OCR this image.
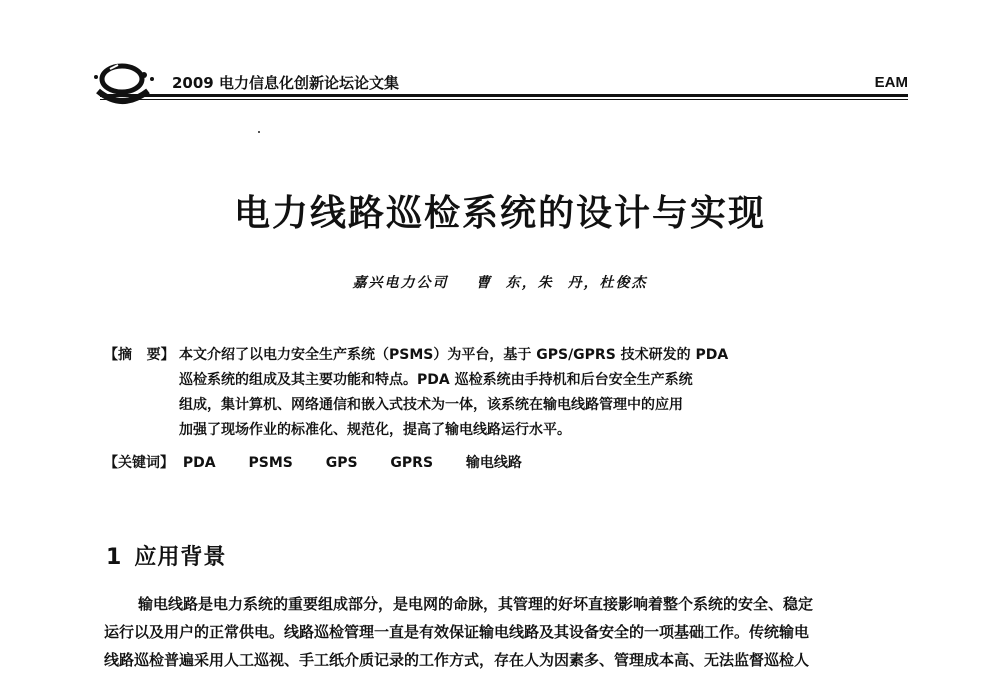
2009 电力信息化创新论坛论文集	EAM
电力线路巡检系统的设计与实现
嘉兴电力公司    曹  东，朱  丹，杜俊杰
【摘   要】 本文介绍了以电力安全生产系统（PSMS）为平台，基于 GPS/GPRS 技术研发的 PDA
巡检系统的组成及其主要功能和特点。PDA 巡检系统由手持机和后台安全生产系统
组成，集计算机、网络通信和嵌入式技术为一体，该系统在输电线路管理中的应用
加强了现场作业的标准化、规范化，提高了输电线路运行水平。
【关键词】 PDA PSMS GPS GPRS 输电线路
1 应用背景
输电线路是电力系统的重要组成部分，是电网的命脉，其管理的好坏直接影响着整个系统的安全、稳定
运行以及用户的正常供电。线路巡检管理一直是有效保证输电线路及其设备安全的一项基础工作。传统输电
线路巡检普遍采用人工巡视、手工纸介质记录的工作方式，存在人为因素多、管理成本高、无法监督巡检人
